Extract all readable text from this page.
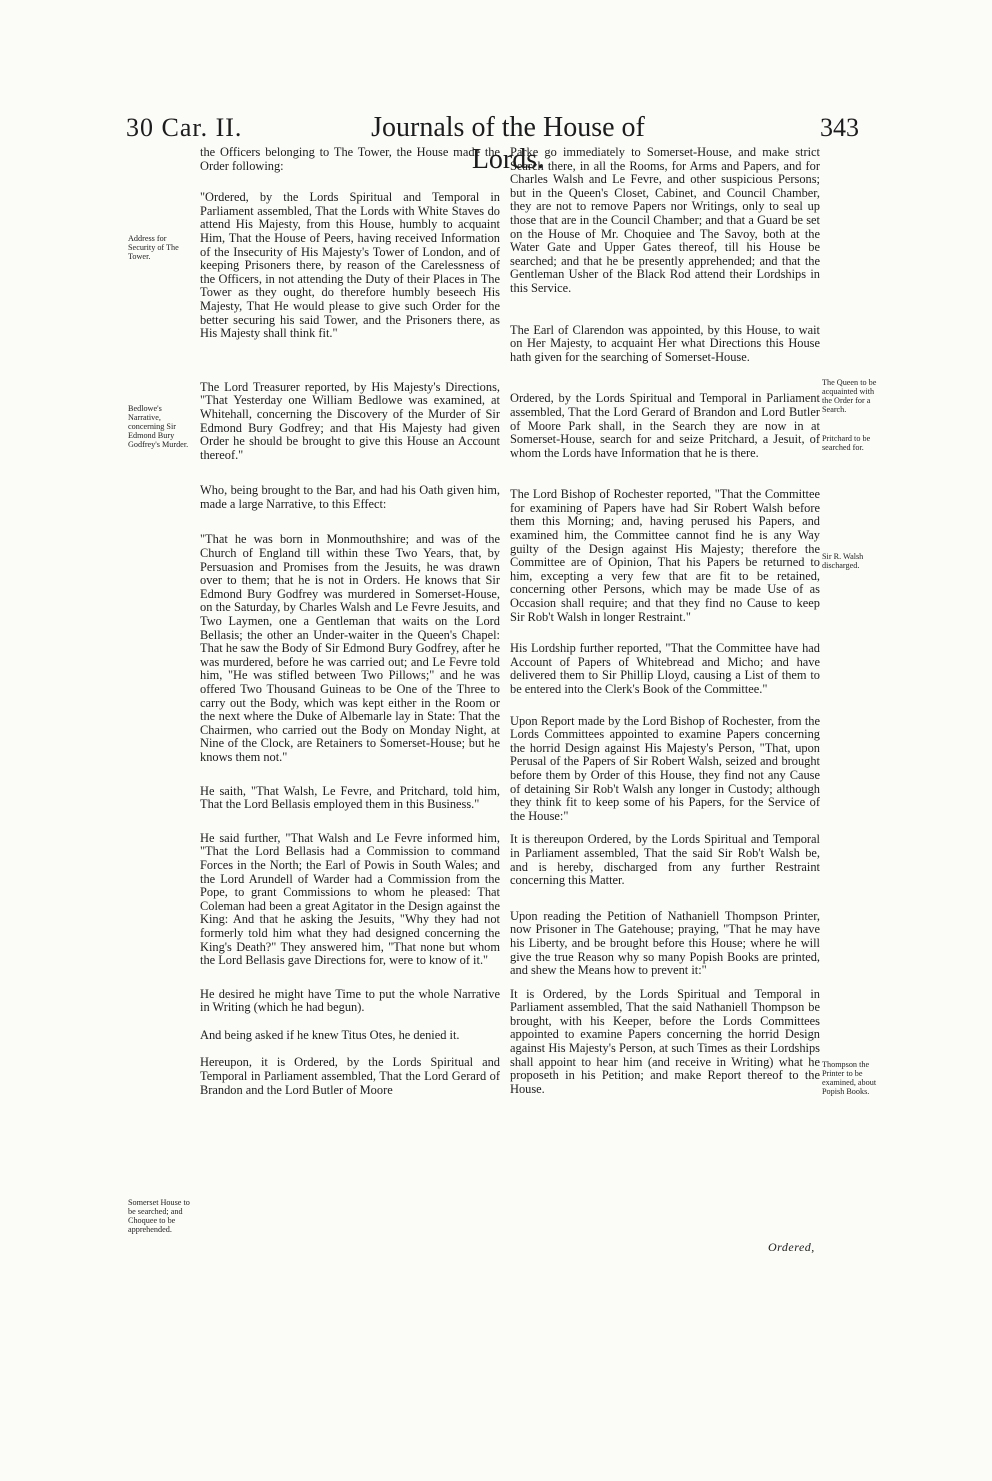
30 Car. II.	Journals of the House of Lords.
343

the Officers belonging to The Tower, the House made the Order following:

"Ordered, by the Lords Spiritual and Temporal in Parliament assembled, That the Lords with White Staves do attend His Majesty, from this House, humbly to acquaint Him, That the House of Peers, having received Information of the Insecurity of His Majesty's Tower of London, and of keeping Prisoners there, by reason of the Carelessness of the Officers, in not attending the Duty of their Places in The Tower as they ought, do therefore humbly beseech His Majesty, That He would please to give such Order for the better securing his said Tower, and the Prisoners there, as His Majesty shall think fit."

The Lord Treasurer reported, by His Majesty's Directions, "That Yesterday one William Bedlowe was examined, at Whitehall, concerning the Discovery of the Murder of Sir Edmond Bury Godfrey; and that His Majesty had given Order he should be brought to give this House an Account thereof."

Who, being brought to the Bar, and had his Oath given him, made a large Narrative, to this Effect:

"That he was born in Monmouthshire; and was of the Church of England till within these Two Years, that, by Persuasion and Promises from the Jesuits, he was drawn over to them; that he is not in Orders. He knows that Sir Edmond Bury Godfrey was murdered in Somerset-House, on the Saturday, by Charles Walsh and Le Fevre Jesuits, and Two Laymen, one a Gentleman that waits on the Lord Bellasis; the other an Under-waiter in the Queen's Chapel: That he saw the Body of Sir Edmond Bury Godfrey, after he was murdered, before he was carried out; and Le Fevre told him, "He was stifled between Two Pillows;" and he was offered Two Thousand Guineas to be One of the Three to carry out the Body, which was kept either in the Room or the next where the Duke of Albemarle lay in State: That the Chairmen, who carried out the Body on Monday Night, at Nine of the Clock, are Retainers to Somerset-House; but he knows them not."

He saith, "That Walsh, Le Fevre, and Pritchard, told him, That the Lord Bellasis employed them in this Business."

He said further, "That Walsh and Le Fevre informed him, "That the Lord Bellasis had a Commission to command Forces in the North; the Earl of Powis in South Wales; and the Lord Arundell of Warder had a Commission from the Pope, to grant Commissions to whom he pleased: That Coleman had been a great Agitator in the Design against the King: And that he asking the Jesuits, "Why they had not formerly told him what they had designed concerning the King's Death?" They answered him, "That none but whom the Lord Bellasis gave Directions for, were to know of it."

He desired he might have Time to put the whole Narrative in Writing (which he had begun).

And being asked if he knew Titus Otes, he denied it.

Hereupon, it is Ordered, by the Lords Spiritual and Temporal in Parliament assembled, That the Lord Gerard of Brandon and the Lord Butler of Moore

Parke go immediately to Somerset-House, and make strict Search there, in all the Rooms, for Arms and Papers, and for Charles Walsh and Le Fevre, and other suspicious Persons; but in the Queen's Closet, Cabinet, and Council Chamber, they are not to remove Papers nor Writings, only to seal up those that are in the Council Chamber; and that a Guard be set on the House of Mr. Choquiee and The Savoy, both at the Water Gate and Upper Gates thereof, till his House be searched; and that he be presently apprehended; and that the Gentleman Usher of the Black Rod attend their Lordships in this Service.

The Earl of Clarendon was appointed, by this House, to wait on Her Majesty, to acquaint Her what Directions this House hath given for the searching of Somerset-House.

Ordered, by the Lords Spiritual and Temporal in Parliament assembled, That the Lord Gerard of Brandon and Lord Butler of Moore Park shall, in the Search they are now in at Somerset-House, search for and seize Pritchard, a Jesuit, of whom the Lords have Information that he is there.

The Lord Bishop of Rochester reported, "That the Committee for examining of Papers have had Sir Robert Walsh before them this Morning; and, having perused his Papers, and examined him, the Committee cannot find he is any Way guilty of the Design against His Majesty; therefore the Committee are of Opinion, That his Papers be returned to him, excepting a very few that are fit to be retained, concerning other Persons, which may be made Use of as Occasion shall require; and that they find no Cause to keep Sir Rob't Walsh in longer Restraint."

His Lordship further reported, "That the Committee have had Account of Papers of Whitebread and Micho; and have delivered them to Sir Phillip Lloyd, causing a List of them to be entered into the Clerk's Book of the Committee."

Upon Report made by the Lord Bishop of Rochester, from the Lords Committees appointed to examine Papers concerning the horrid Design against His Majesty's Person, "That, upon Perusal of the Papers of Sir Robert Walsh, seized and brought before them by Order of this House, they find not any Cause of detaining Sir Rob't Walsh any longer in Custody; although they think fit to keep some of his Papers, for the Service of the House:"

It is thereupon Ordered, by the Lords Spiritual and Temporal in Parliament assembled, That the said Sir Rob't Walsh be, and is hereby, discharged from any further Restraint concerning this Matter.

Upon reading the Petition of Nathaniell Thompson Printer, now Prisoner in The Gatehouse; praying, "That he may have his Liberty, and be brought before this House; where he will give the true Reason why so many Popish Books are printed, and shew the Means how to prevent it:"

It is Ordered, by the Lords Spiritual and Temporal in Parliament assembled, That the said Nathaniell Thompson be brought, with his Keeper, before the Lords Committees appointed to examine Papers concerning the horrid Design against His Majesty's Person, at such Times as their Lordships shall appoint to hear him (and receive in Writing) what he proposeth in his Petition; and make Report thereof to the House.

Address for Security of The Tower.
Bedlowe's Narrative, concerning Sir Edmond Bury Godfrey's Murder.
Somerset House to be searched; and Choquee to be apprehended.
The Queen to be acquainted with the Order for a Search.
Pritchard to be searched for.
Sir R. Walsh discharged.
Thompson the Printer to be examined, about Popish Books.
Ordered,
